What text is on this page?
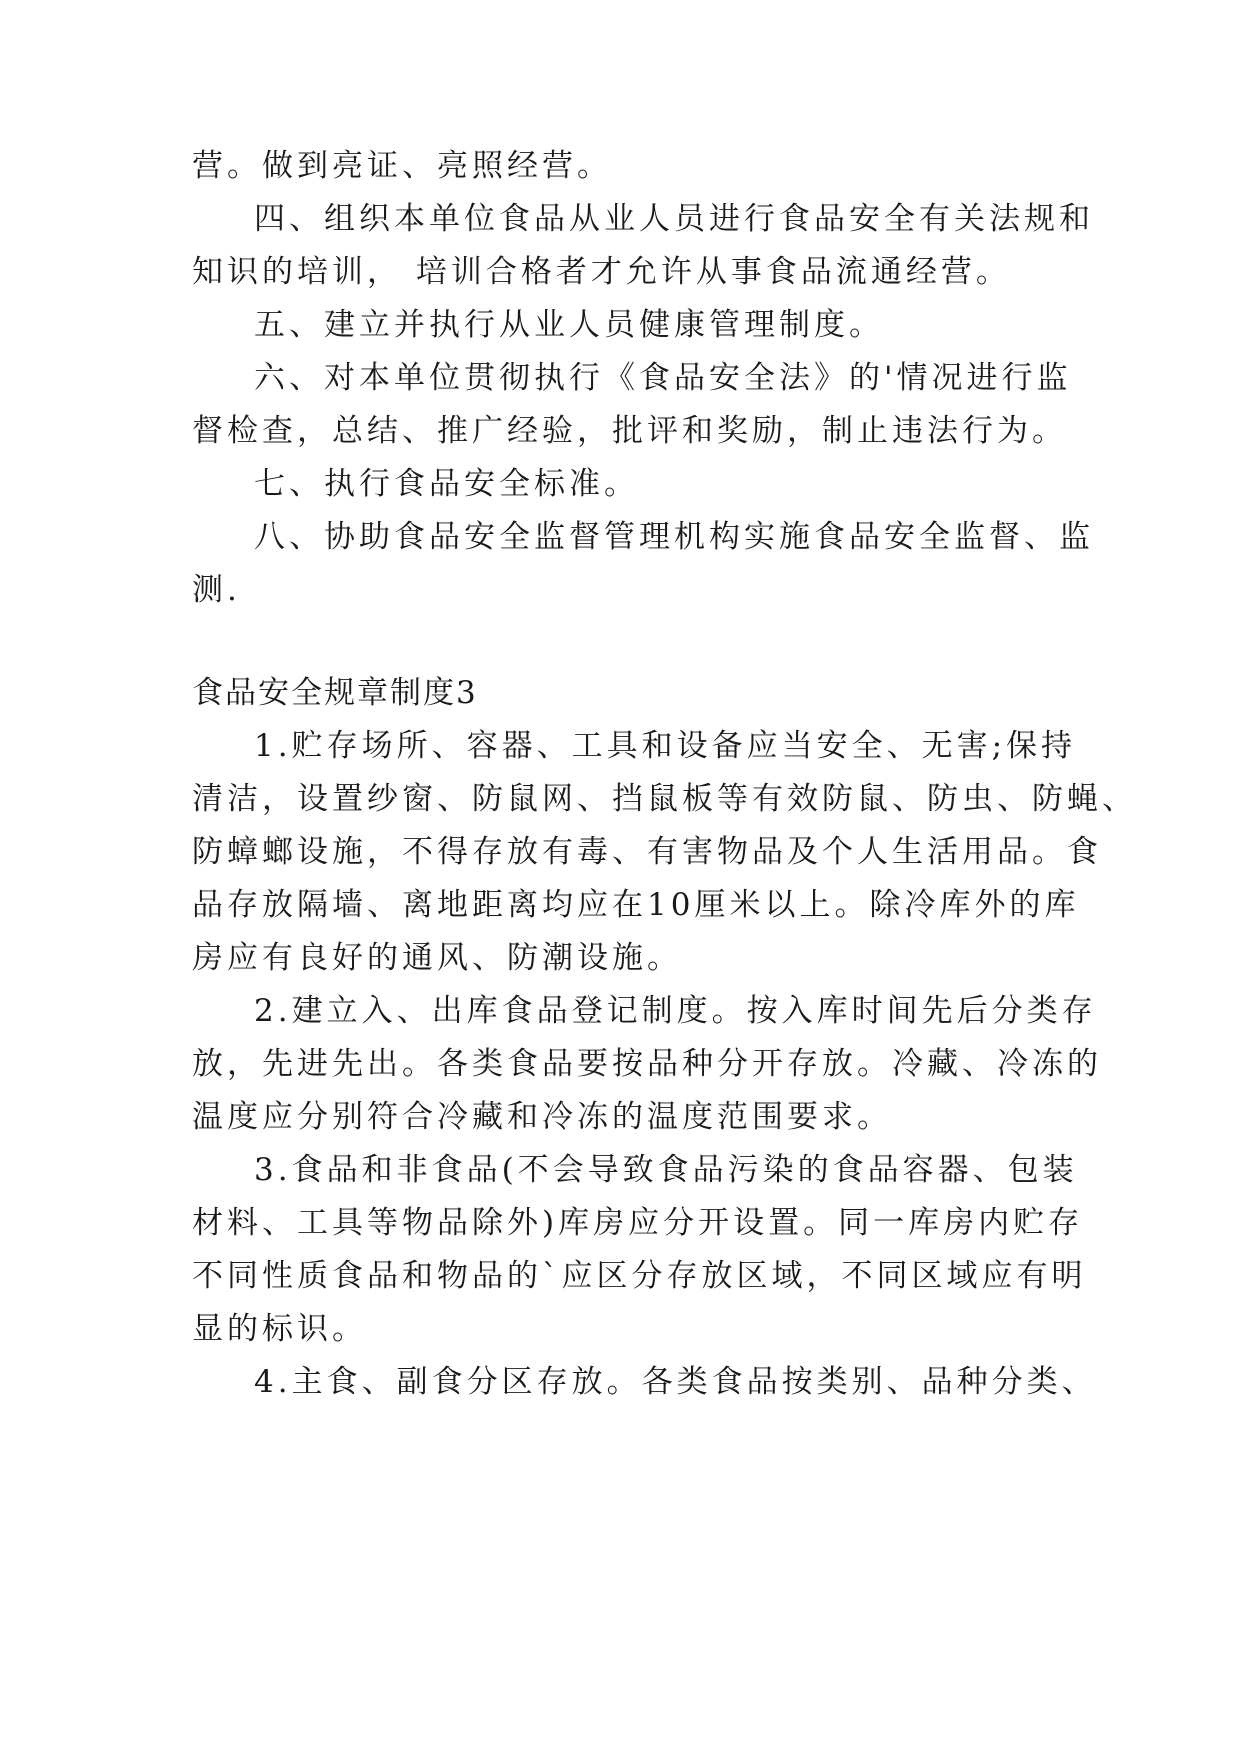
营。做到亮证、亮照经营。
四、组织本单位食品从业人员进行食品安全有关法规和
知识的培训， 培训合格者才允许从事食品流通经营。
五、建立并执行从业人员健康管理制度。
六、对本单位贯彻执行《食品安全法》的'情况进行监
督检查，总结、推广经验，批评和奖励，制止违法行为。
七、执行食品安全标准。
八、协助食品安全监督管理机构实施食品安全监督、监
测.
食品安全规章制度3
1.贮存场所、容器、工具和设备应当安全、无害;保持
清洁，设置纱窗、防鼠网、挡鼠板等有效防鼠、防虫、防蝇、
防蟑螂设施，不得存放有毒、有害物品及个人生活用品。食
品存放隔墙、离地距离均应在10厘米以上。除冷库外的库
房应有良好的通风、防潮设施。
2.建立入、出库食品登记制度。按入库时间先后分类存
放，先进先出。各类食品要按品种分开存放。冷藏、冷冻的
温度应分别符合冷藏和冷冻的温度范围要求。
3.食品和非食品(不会导致食品污染的食品容器、包装
材料、工具等物品除外)库房应分开设置。同一库房内贮存
不同性质食品和物品的`应区分存放区域，不同区域应有明
显的标识。
4.主食、副食分区存放。各类食品按类别、品种分类、
